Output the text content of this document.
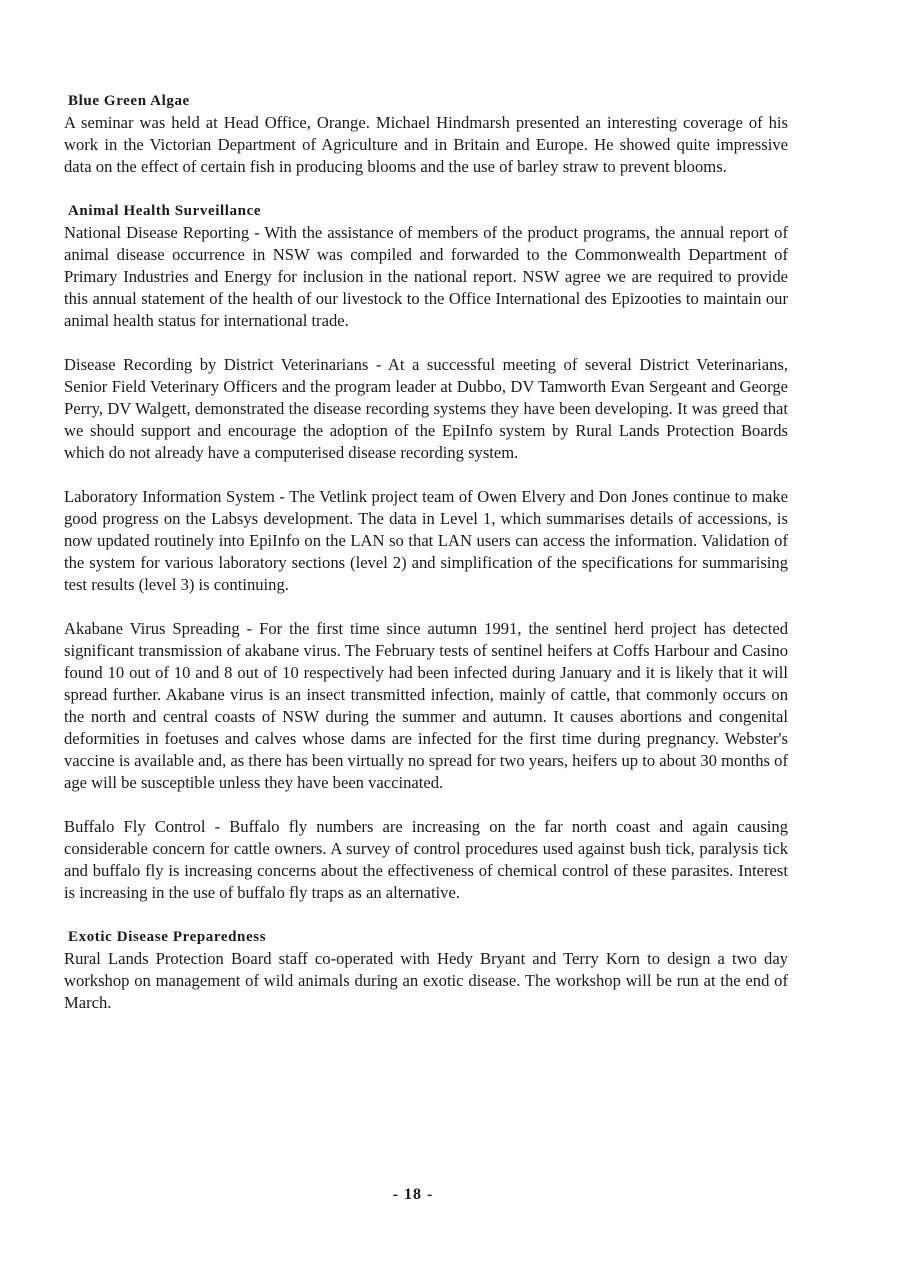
Blue Green Algae

A seminar was held at Head Office, Orange. Michael Hindmarsh presented an interesting coverage of his work in the Victorian Department of Agriculture and in Britain and Europe. He showed quite impressive data on the effect of certain fish in producing blooms and the use of barley straw to prevent blooms.

Animal Health Surveillance

National Disease Reporting - With the assistance of members of the product programs, the annual report of animal disease occurrence in NSW was compiled and forwarded to the Commonwealth Department of Primary Industries and Energy for inclusion in the national report. NSW agree we are required to provide this annual statement of the health of our livestock to the Office International des Epizooties to maintain our animal health status for international trade.

Disease Recording by District Veterinarians - At a successful meeting of several District Veterinarians, Senior Field Veterinary Officers and the program leader at Dubbo, DV Tamworth Evan Sergeant and George Perry, DV Walgett, demonstrated the disease recording systems they have been developing. It was greed that we should support and encourage the adoption of the EpiInfo system by Rural Lands Protection Boards which do not already have a computerised disease recording system.

Laboratory Information System - The Vetlink project team of Owen Elvery and Don Jones continue to make good progress on the Labsys development. The data in Level 1, which summarises details of accessions, is now updated routinely into EpiInfo on the LAN so that LAN users can access the information. Validation of the system for various laboratory sections (level 2) and simplification of the specifications for summarising test results (level 3) is continuing.

Akabane Virus Spreading - For the first time since autumn 1991, the sentinel herd project has detected significant transmission of akabane virus. The February tests of sentinel heifers at Coffs Harbour and Casino found 10 out of 10 and 8 out of 10 respectively had been infected during January and it is likely that it will spread further. Akabane virus is an insect transmitted infection, mainly of cattle, that commonly occurs on the north and central coasts of NSW during the summer and autumn. It causes abortions and congenital deformities in foetuses and calves whose dams are infected for the first time during pregnancy. Webster's vaccine is available and, as there has been virtually no spread for two years, heifers up to about 30 months of age will be susceptible unless they have been vaccinated.

Buffalo Fly Control - Buffalo fly numbers are increasing on the far north coast and again causing considerable concern for cattle owners. A survey of control procedures used against bush tick, paralysis tick and buffalo fly is increasing concerns about the effectiveness of chemical control of these parasites. Interest is increasing in the use of buffalo fly traps as an alternative.

Exotic Disease Preparedness

Rural Lands Protection Board staff co-operated with Hedy Bryant and Terry Korn to design a two day workshop on management of wild animals during an exotic disease. The workshop will be run at the end of March.

- 18 -
